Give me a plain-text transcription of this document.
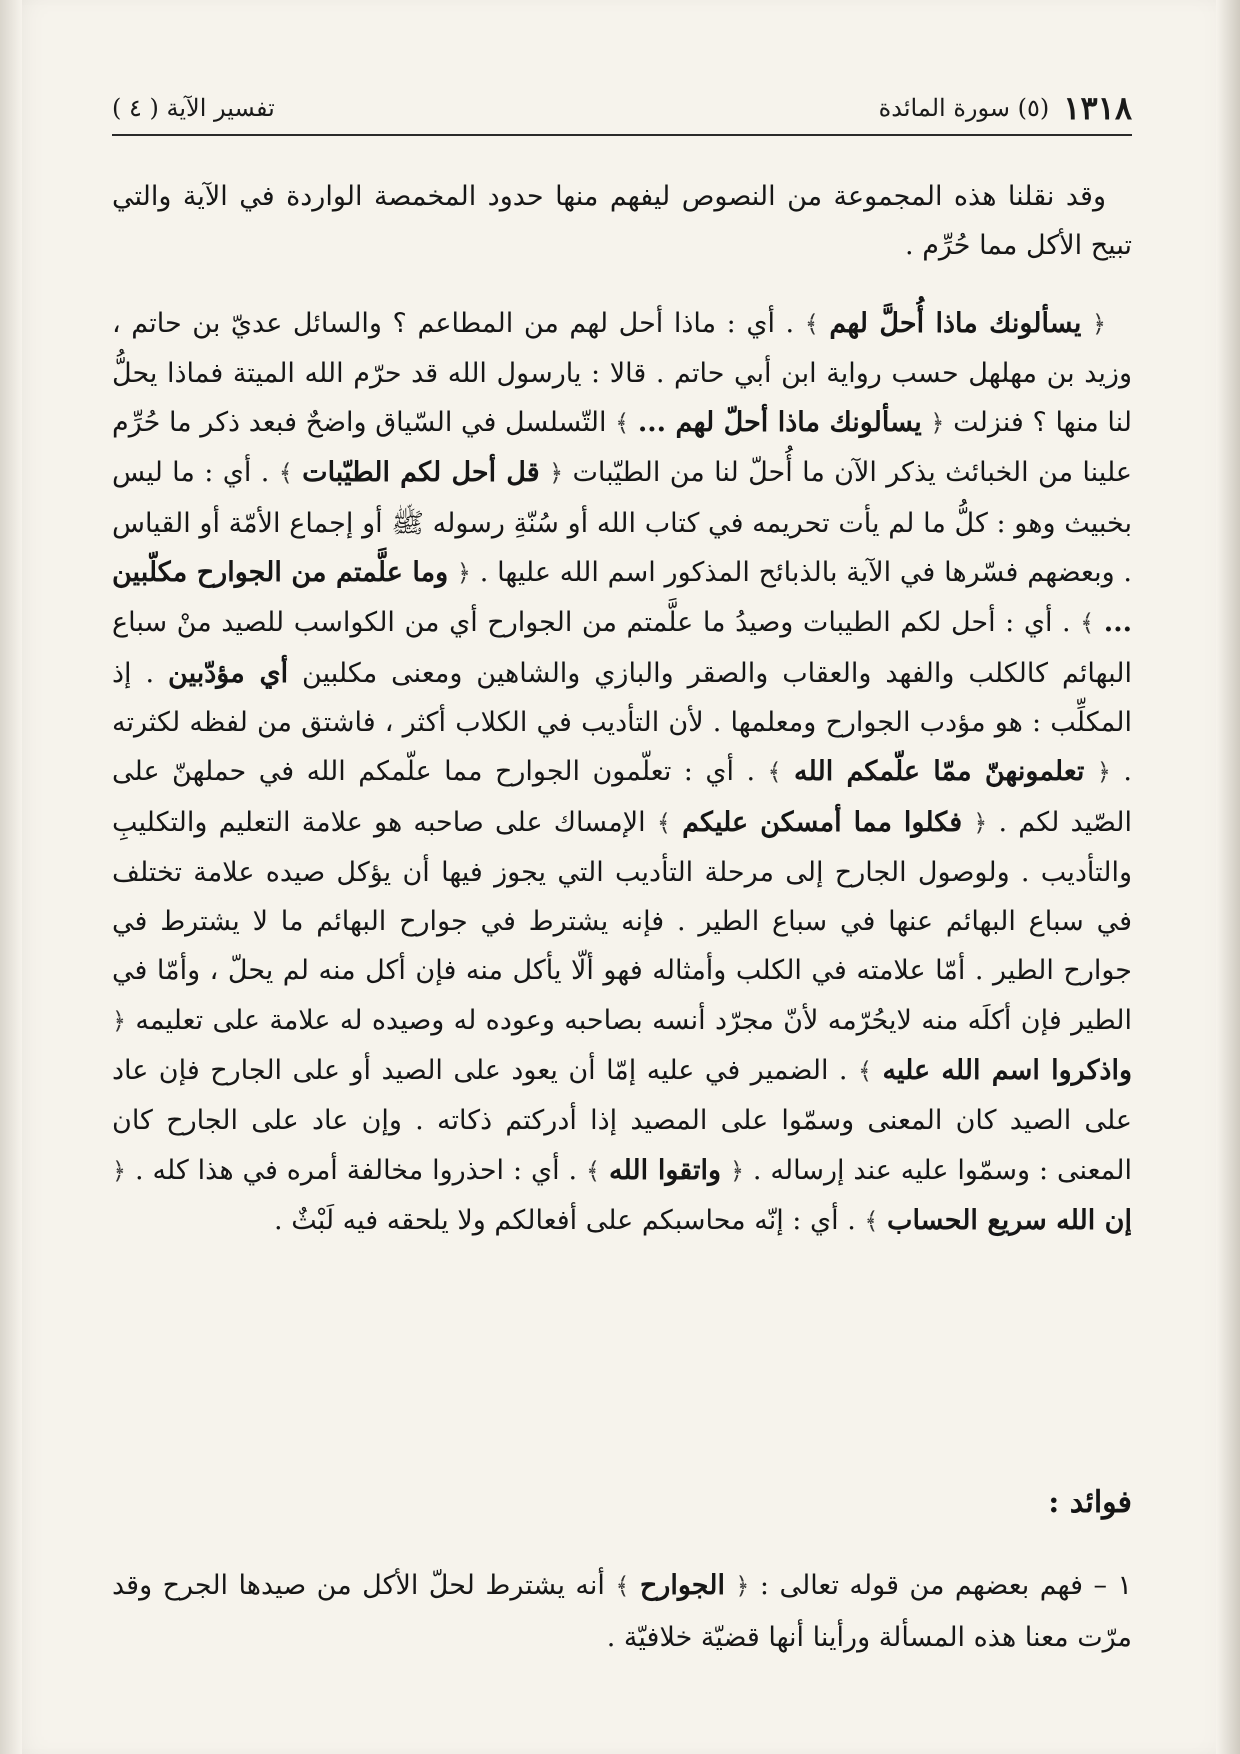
١٣١٨
(٥) سورة المائدة
تفسير الآية ( ٤ )

وقد نقلنا هذه المجموعة من النصوص ليفهم منها حدود المخمصة الواردة في الآية والتي تبيح الأكل مما حُرِّم .

﴿ يسألونك ماذا أُحلَّ لهم ﴾ . أي : ماذا أحل لهم من المطاعم ؟ والسائل عديّ بن حاتم ، وزيد بن مهلهل حسب رواية ابن أبي حاتم . قالا : يارسول الله قد حرّم الله الميتة فماذا يحلُّ لنا منها ؟ فنزلت ﴿ يسألونك ماذا أحلّ لهم ... ﴾ التّسلسل في السّياق واضحٌ فبعد ذكر ما حُرِّم علينا من الخبائث يذكر الآن ما أُحلّ لنا من الطيّبات ﴿ قل أحل لكم الطيّبات ﴾ . أي : ما ليس بخبيث وهو : كلُّ ما لم يأت تحريمه في كتاب الله أو سُنّةِ رسوله ﷺ أو إجماع الأمّة أو القياس . وبعضهم فسّرها في الآية بالذبائح المذكور اسم الله عليها . ﴿ وما علَّمتم من الجوارح مكلّبين ... ﴾ . أي : أحل لكم الطيبات وصيدُ ما علَّمتم من الجوارح أي من الكواسب للصيد منْ سباع البهائم كالكلب والفهد والعقاب والصقر والبازي والشاهين ومعنى مكلبين أي مؤدّبين . إذ المكلِّب : هو مؤدب الجوارح ومعلمها . لأن التأديب في الكلاب أكثر ، فاشتق من لفظه لكثرته . ﴿ تعلمونهنّ ممّا علّمكم الله ﴾ . أي : تعلّمون الجوارح مما علّمكم الله في حملهنّ على الصّيد لكم . ﴿ فكلوا مما أمسكن عليكم ﴾ الإمساك على صاحبه هو علامة التعليم والتكليبِ والتأديب . ولوصول الجارح إلى مرحلة التأديب التي يجوز فيها أن يؤكل صيده علامة تختلف في سباع البهائم عنها في سباع الطير . فإنه يشترط في جوارح البهائم ما لا يشترط في جوارح الطير . أمّا علامته في الكلب وأمثاله فهو ألّا يأكل منه فإن أكل منه لم يحلّ ، وأمّا في الطير فإن أكلَه منه لايحُرّمه لأنّ مجرّد أنسه بصاحبه وعوده له وصيده له علامة على تعليمه ﴿ واذكروا اسم الله عليه ﴾ . الضمير في عليه إمّا أن يعود على الصيد أو على الجارح فإن عاد على الصيد كان المعنى وسمّوا على المصيد إذا أدركتم ذكاته . وإن عاد على الجارح كان المعنى : وسمّوا عليه عند إرساله . ﴿ واتقوا الله ﴾ . أي : احذروا مخالفة أمره في هذا كله . ﴿ إن الله سريع الحساب ﴾ . أي : إنّه محاسبكم على أفعالكم ولا يلحقه فيه لَبْثٌ .

فوائد :

١ – فهم بعضهم من قوله تعالى : ﴿ الجوارح ﴾ أنه يشترط لحلّ الأكل من صيدها الجرح وقد مرّت معنا هذه المسألة ورأينا أنها قضيّة خلافيّة .
